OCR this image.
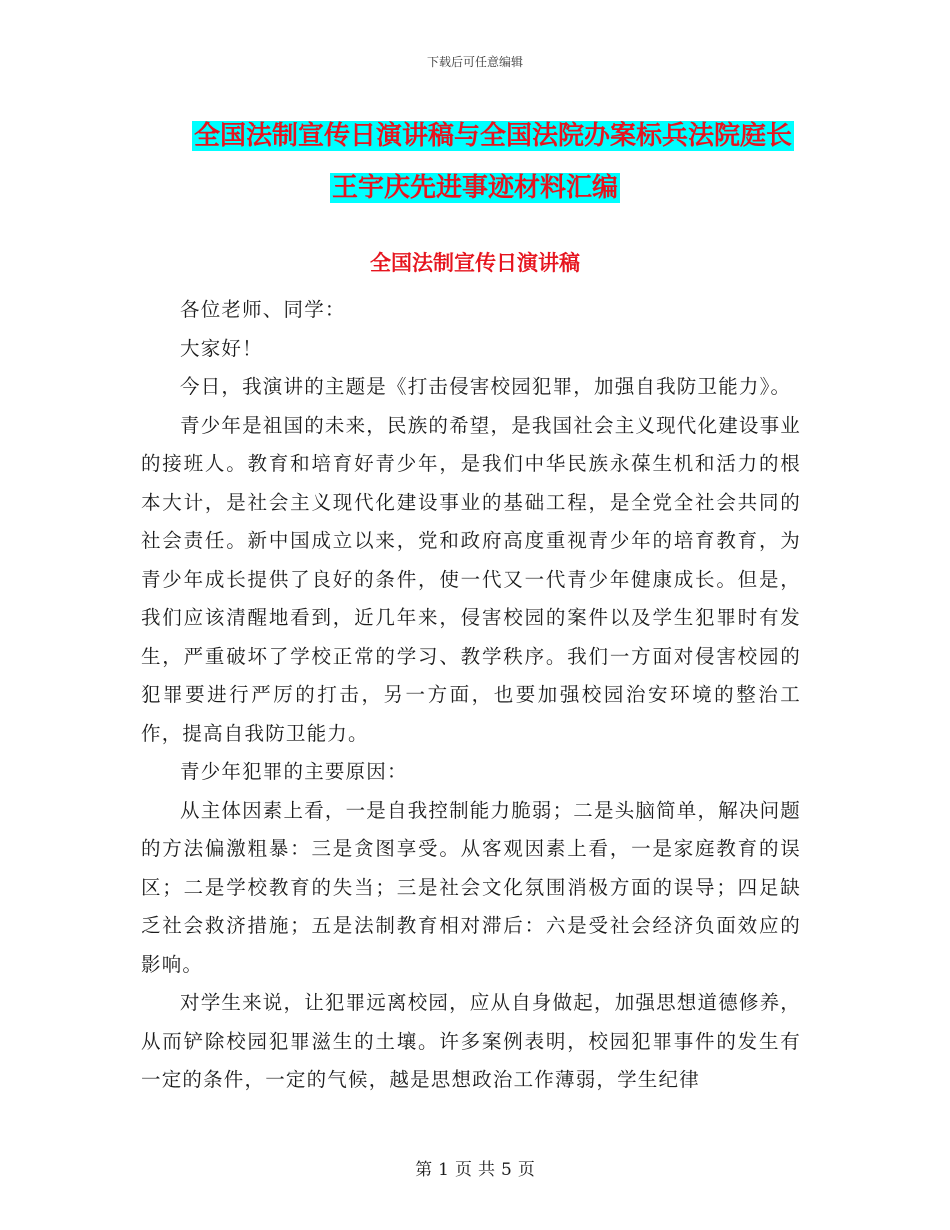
下载后可任意编辑
全国法制宣传日演讲稿与全国法院办案标兵法院庭长
王宇庆先进事迹材料汇编
全国法制宣传日演讲稿

各位老师、同学：

大家好！

今日，我演讲的主题是《打击侵害校园犯罪，加强自我防卫能力》。

青少年是祖国的未来，民族的希望，是我国社会主义现代化建设事业的接班人。教育和培育好青少年，是我们中华民族永葆生机和活力的根本大计，是社会主义现代化建设事业的基础工程，是全党全社会共同的社会责任。新中国成立以来，党和政府高度重视青少年的培育教育，为青少年成长提供了良好的条件，使一代又一代青少年健康成长。但是，我们应该清醒地看到，近几年来，侵害校园的案件以及学生犯罪时有发生，严重破坏了学校正常的学习、教学秩序。我们一方面对侵害校园的犯罪要进行严厉的打击，另一方面，也要加强校园治安环境的整治工作，提高自我防卫能力。

青少年犯罪的主要原因：

从主体因素上看，一是自我控制能力脆弱；二是头脑简单，解决问题的方法偏激粗暴：三是贪图享受。从客观因素上看，一是家庭教育的误区；二是学校教育的失当；三是社会文化氛围消极方面的误导；四足缺乏社会救济措施；五是法制教育相对滞后：六是受社会经济负面效应的影响。

对学生来说，让犯罪远离校园，应从自身做起，加强思想道德修养，从而铲除校园犯罪滋生的土壤。许多案例表明，校园犯罪事件的发生有一定的条件，一定的气候，越是思想政治工作薄弱，学生纪律

第 1 页 共 5 页
